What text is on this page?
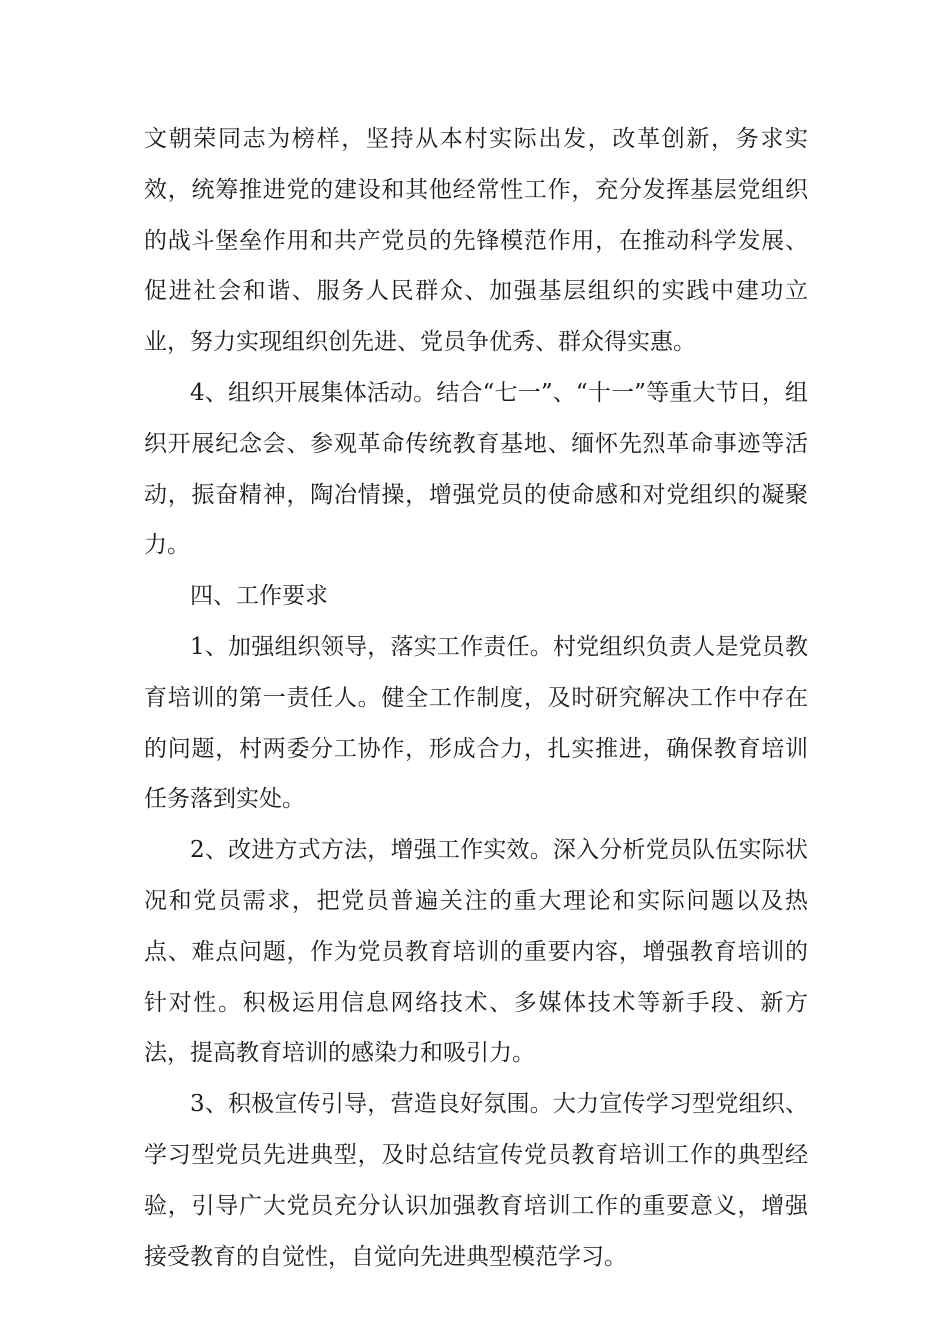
文朝荣同志为榜样，坚持从本村实际出发，改革创新，务求实效，统筹推进党的建设和其他经常性工作，充分发挥基层党组织的战斗堡垒作用和共产党员的先锋模范作用，在推动科学发展、促进社会和谐、服务人民群众、加强基层组织的实践中建功立业，努力实现组织创先进、党员争优秀、群众得实惠。

4、组织开展集体活动。结合“七一”、“十一”等重大节日，组织开展纪念会、参观革命传统教育基地、缅怀先烈革命事迹等活动，振奋精神，陶冶情操，增强党员的使命感和对党组织的凝聚力。

四、工作要求

1、加强组织领导，落实工作责任。村党组织负责人是党员教育培训的第一责任人。健全工作制度，及时研究解决工作中存在的问题，村两委分工协作，形成合力，扎实推进，确保教育培训任务落到实处。

2、改进方式方法，增强工作实效。深入分析党员队伍实际状况和党员需求，把党员普遍关注的重大理论和实际问题以及热点、难点问题，作为党员教育培训的重要内容，增强教育培训的针对性。积极运用信息网络技术、多媒体技术等新手段、新方法，提高教育培训的感染力和吸引力。

3、积极宣传引导，营造良好氛围。大力宣传学习型党组织、学习型党员先进典型，及时总结宣传党员教育培训工作的典型经验，引导广大党员充分认识加强教育培训工作的重要意义，增强接受教育的自觉性，自觉向先进典型模范学习。
